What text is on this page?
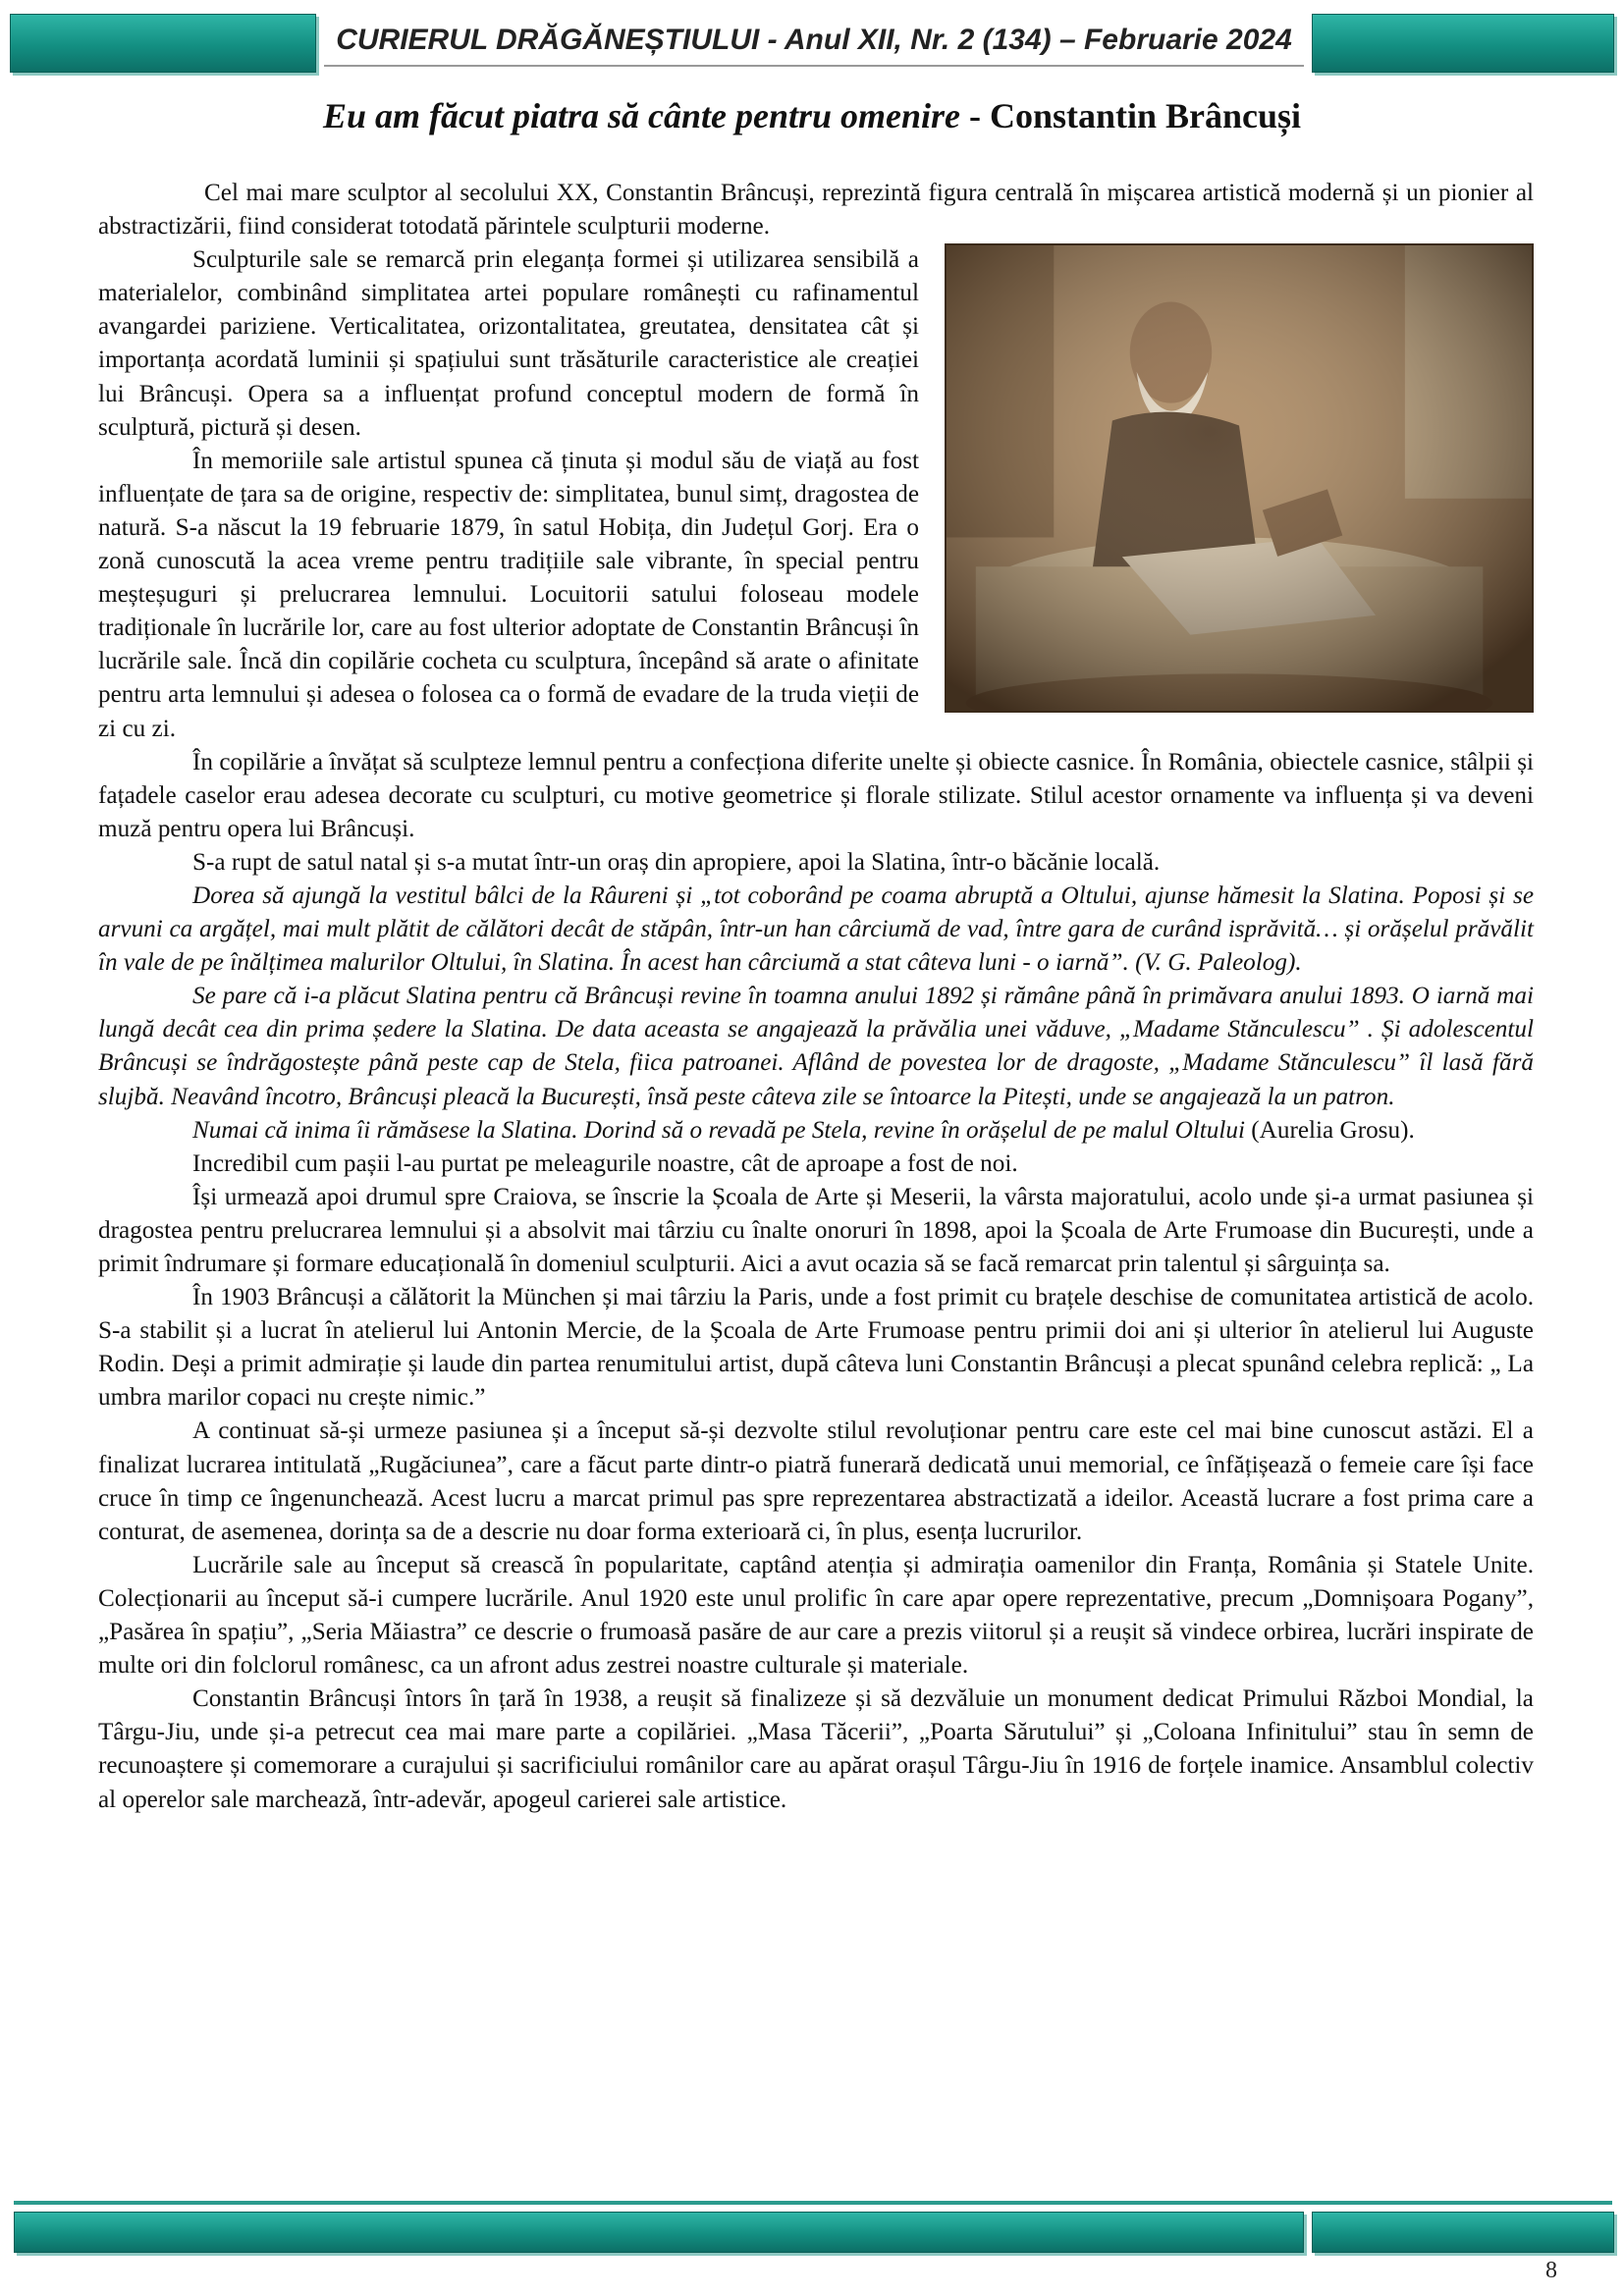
CURIERUL DRĂGĂNEȘTIULUI - Anul XII, Nr. 2 (134) – Februarie 2024
Eu am făcut piatra să cânte pentru omenire - Constantin Brâncuși

Cel mai mare sculptor al secolului XX, Constantin Brâncuși, reprezintă figura centrală în mișcarea artistică modernă și un pionier al abstractizării, fiind considerat totodată părintele sculpturii moderne.

Sculpturile sale se remarcă prin eleganța formei și utilizarea sensibilă a materialelor, combinând simplitatea artei populare românești cu rafinamentul avangardei pariziene. Verticalitatea, orizontalitatea, greutatea, densitatea cât și importanța acordată luminii și spațiului sunt trăsăturile caracteristice ale creației lui Brâncuși. Opera sa a influențat profund conceptul modern de formă în sculptură, pictură și desen.

În memoriile sale artistul spunea că ținuta și modul său de viață au fost influențate de țara sa de origine, respectiv de: simplitatea, bunul simț, dragostea de natură. S-a născut la 19 februarie 1879, în satul Hobița, din Județul Gorj. Era o zonă cunoscută la acea vreme pentru tradițiile sale vibrante, în special pentru meșteșuguri și prelucrarea lemnului. Locuitorii satului foloseau modele tradiționale în lucrările lor, care au fost ulterior adoptate de Constantin Brâncuși în lucrările sale. Încă din copilărie cocheta cu sculptura, începând să arate o afinitate pentru arta lemnului și adesea o folosea ca o formă de evadare de la truda vieții de zi cu zi.

În copilărie a învățat să sculpteze lemnul pentru a confecționa diferite unelte și obiecte casnice. În România, obiectele casnice, stâlpii și fațadele caselor erau adesea decorate cu sculpturi, cu motive geometrice și florale stilizate. Stilul acestor ornamente va influența și va deveni muză pentru opera lui Brâncuși.

S-a rupt de satul natal și s-a mutat într-un oraș din apropiere, apoi la Slatina, într-o băcănie locală.

Dorea să ajungă la vestitul bâlci de la Râureni și „tot coborând pe coama abruptă a Oltului, ajunse hămesit la Slatina. Poposi și se arvuni ca argățel, mai mult plătit de călători decât de stăpân, într-un han cârciumă de vad, între gara de curând isprăvită… și orășelul prăvălit în vale de pe înălțimea malurilor Oltului, în Slatina. În acest han cârciumă a stat câteva luni - o iarnă”. (V. G. Paleolog).

Se pare că i-a plăcut Slatina pentru că Brâncuși revine în toamna anului 1892 și rămâne până în primăvara anului 1893. O iarnă mai lungă decât cea din prima ședere la Slatina. De data aceasta se angajează la prăvălia unei văduve, „Madame Stănculescu” . Și adolescentul Brâncuși se îndrăgostește până peste cap de Stela, fiica patroanei. Aflând de povestea lor de dragoste, „Madame Stănculescu” îl lasă fără slujbă. Neavând încotro, Brâncuși pleacă la București, însă peste câteva zile se întoarce la Pitești, unde se angajează la un patron.

Numai că inima îi rămăsese la Slatina. Dorind să o revadă pe Stela, revine în orășelul de pe malul Oltului (Aurelia Grosu).

Incredibil cum pașii l-au purtat pe meleagurile noastre, cât de aproape a fost de noi.

Își urmează apoi drumul spre Craiova, se înscrie la Școala de Arte și Meserii, la vârsta majoratului, acolo unde și-a urmat pasiunea și dragostea pentru prelucrarea lemnului și a absolvit mai târziu cu înalte onoruri în 1898, apoi la Școala de Arte Frumoase din București, unde a primit îndrumare și formare educațională în domeniul sculpturii. Aici a avut ocazia să se facă remarcat prin talentul și sârguința sa.

În 1903 Brâncuși a călătorit la München și mai târziu la Paris, unde a fost primit cu brațele deschise de comunitatea artistică de acolo. S-a stabilit și a lucrat în atelierul lui Antonin Mercie, de la Școala de Arte Frumoase pentru primii doi ani și ulterior în atelierul lui Auguste Rodin. Deși a primit admirație și laude din partea renumitului artist, după câteva luni Constantin Brâncuși a plecat spunând celebra replică: „ La umbra marilor copaci nu crește nimic.”

A continuat să-și urmeze pasiunea și a început să-și dezvolte stilul revoluționar pentru care este cel mai bine cunoscut astăzi. El a finalizat lucrarea intitulată „Rugăciunea”, care a făcut parte dintr-o piatră funerară dedicată unui memorial, ce înfățișează o femeie care își face cruce în timp ce îngenunchează. Acest lucru a marcat primul pas spre reprezentarea abstractizată a ideilor. Această lucrare a fost prima care a conturat, de asemenea, dorința sa de a descrie nu doar forma exterioară ci, în plus, esența lucrurilor.

Lucrările sale au început să crească în popularitate, captând atenția și admirația oamenilor din Franța, România și Statele Unite. Colecționarii au început să-i cumpere lucrările. Anul 1920 este unul prolific în care apar opere reprezentative, precum „Domnișoara Pogany”, „Pasărea în spațiu”, „Seria Măiastra” ce descrie o frumoasă pasăre de aur care a prezis viitorul și a reușit să vindece orbirea, lucrări inspirate de multe ori din folclorul românesc, ca un afront adus zestrei noastre culturale și materiale.

Constantin Brâncuși întors în țară în 1938, a reușit să finalizeze și să dezvăluie un monument dedicat Primului Război Mondial, la Târgu-Jiu, unde și-a petrecut cea mai mare parte a copilăriei. „Masa Tăcerii”, „Poarta Sărutului” și „Coloana Infinitului” stau în semn de recunoaștere și comemorare a curajului și sacrificiului românilor care au apărat orașul Târgu-Jiu în 1916 de forțele inamice. Ansamblul colectiv al operelor sale marchează, într-adevăr, apogeul carierei sale artistice.

8
